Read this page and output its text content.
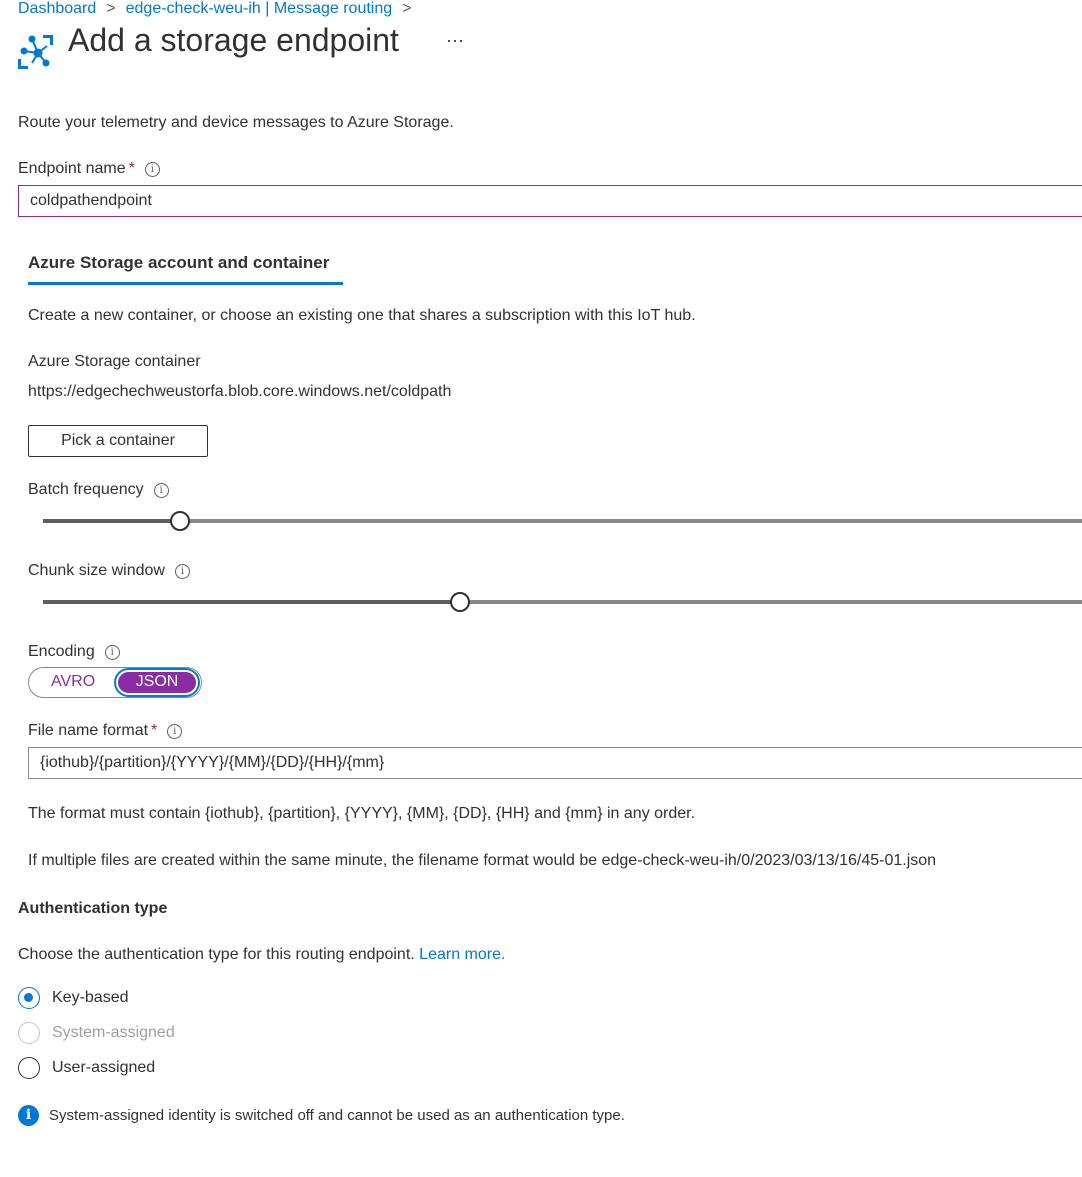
Dashboard > edge-check-weu-ih | Message routing >
Add a storage endpoint	···
Route your telemetry and device messages to Azure Storage.
Endpoint name * i
coldpathendpoint
Azure Storage account and container
Create a new container, or choose an existing one that shares a subscription with this IoT hub.
Azure Storage container
https://edgechechweustorfa.blob.core.windows.net/coldpath
Pick a container
Batch frequency i
Chunk size window i
Encoding i
AVRO	JSON
File name format * i
{iothub}/{partition}/{YYYY}/{MM}/{DD}/{HH}/{mm}
The format must contain {iothub}, {partition}, {YYYY}, {MM}, {DD}, {HH} and {mm} in any order.
If multiple files are created within the same minute, the filename format would be edge-check-weu-ih/0/2023/03/13/16/45-01.json
Authentication type
Choose the authentication type for this routing endpoint. Learn more.
Key-based
System-assigned
User-assigned
i System-assigned identity is switched off and cannot be used as an authentication type.
